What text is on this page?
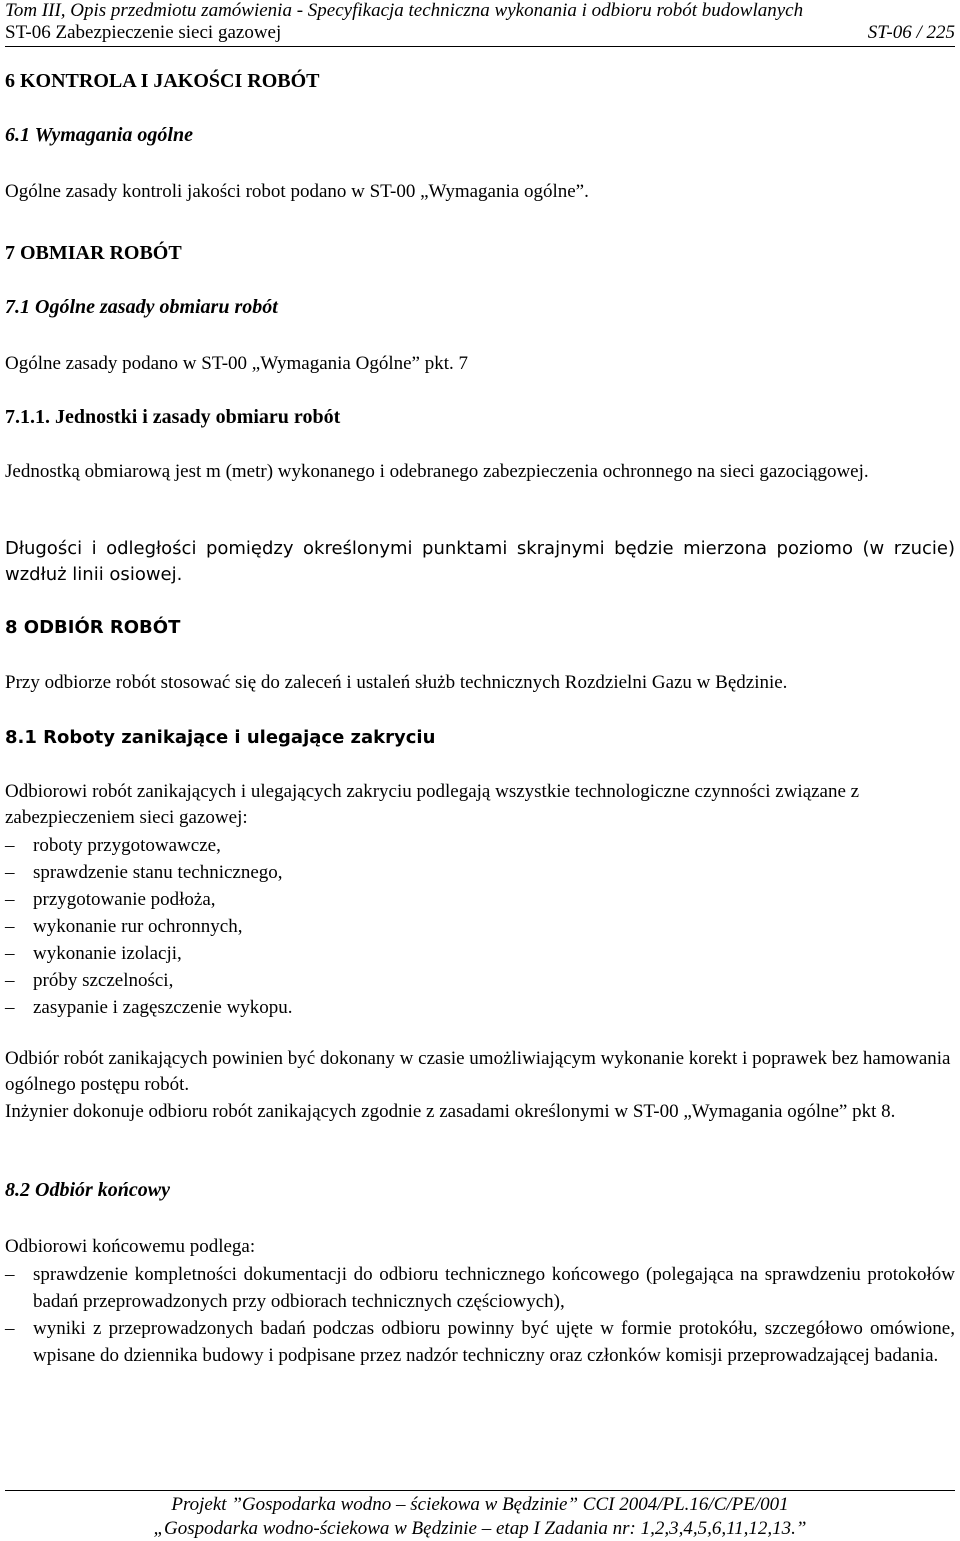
Tom III, Opis przedmiotu zamówienia - Specyfikacja techniczna wykonania i odbioru robót budowlanych
ST-06 Zabezpieczenie sieci gazowej	ST-06 / 225
6 KONTROLA I JAKOŚCI ROBÓT
6.1 Wymagania ogólne
Ogólne zasady kontroli jakości robot podano w ST-00 „Wymagania ogólne”.
7 OBMIAR ROBÓT
7.1 Ogólne zasady obmiaru robót
Ogólne zasady podano w ST-00 „Wymagania Ogólne” pkt. 7
7.1.1. Jednostki i zasady obmiaru robót
Jednostką obmiarową jest m (metr) wykonanego i odebranego zabezpieczenia ochronnego na sieci gazociągowej.
Długości i odległości pomiędzy określonymi punktami skrajnymi będzie mierzona poziomo (w rzucie) wzdłuż linii osiowej.
8 ODBIÓR ROBÓT
Przy odbiorze robót stosować się do zaleceń i ustaleń służb technicznych Rozdzielni Gazu w Będzinie.
8.1 Roboty zanikające i ulegające zakryciu
Odbiorowi robót zanikających i ulegających zakryciu podlegają wszystkie technologiczne czynności związane z zabezpieczeniem sieci gazowej:
– roboty przygotowawcze,
– sprawdzenie stanu technicznego,
– przygotowanie podłoża,
– wykonanie rur ochronnych,
– wykonanie izolacji,
– próby szczelności,
– zasypanie i zagęszczenie wykopu.
Odbiór robót zanikających powinien być dokonany w czasie umożliwiającym wykonanie korekt i poprawek bez hamowania ogólnego postępu robót.
Inżynier dokonuje odbioru robót zanikających zgodnie z zasadami określonymi w ST-00 „Wymagania ogólne” pkt 8.
8.2 Odbiór końcowy
Odbiorowi końcowemu podlega:
– sprawdzenie kompletności dokumentacji do odbioru technicznego końcowego (polegająca na sprawdzeniu protokołów badań przeprowadzonych przy odbiorach technicznych częściowych),
– wyniki z przeprowadzonych badań podczas odbioru powinny być ujęte w formie protokółu, szczegółowo omówione, wpisane do dziennika budowy i podpisane przez nadzór techniczny oraz członków komisji przeprowadzającej badania.
Projekt ”Gospodarka wodno – ściekowa w Będzinie” CCI 2004/PL.16/C/PE/001
„Gospodarka wodno-ściekowa w Będzinie – etap I Zadania nr: 1,2,3,4,5,6,11,12,13.”
